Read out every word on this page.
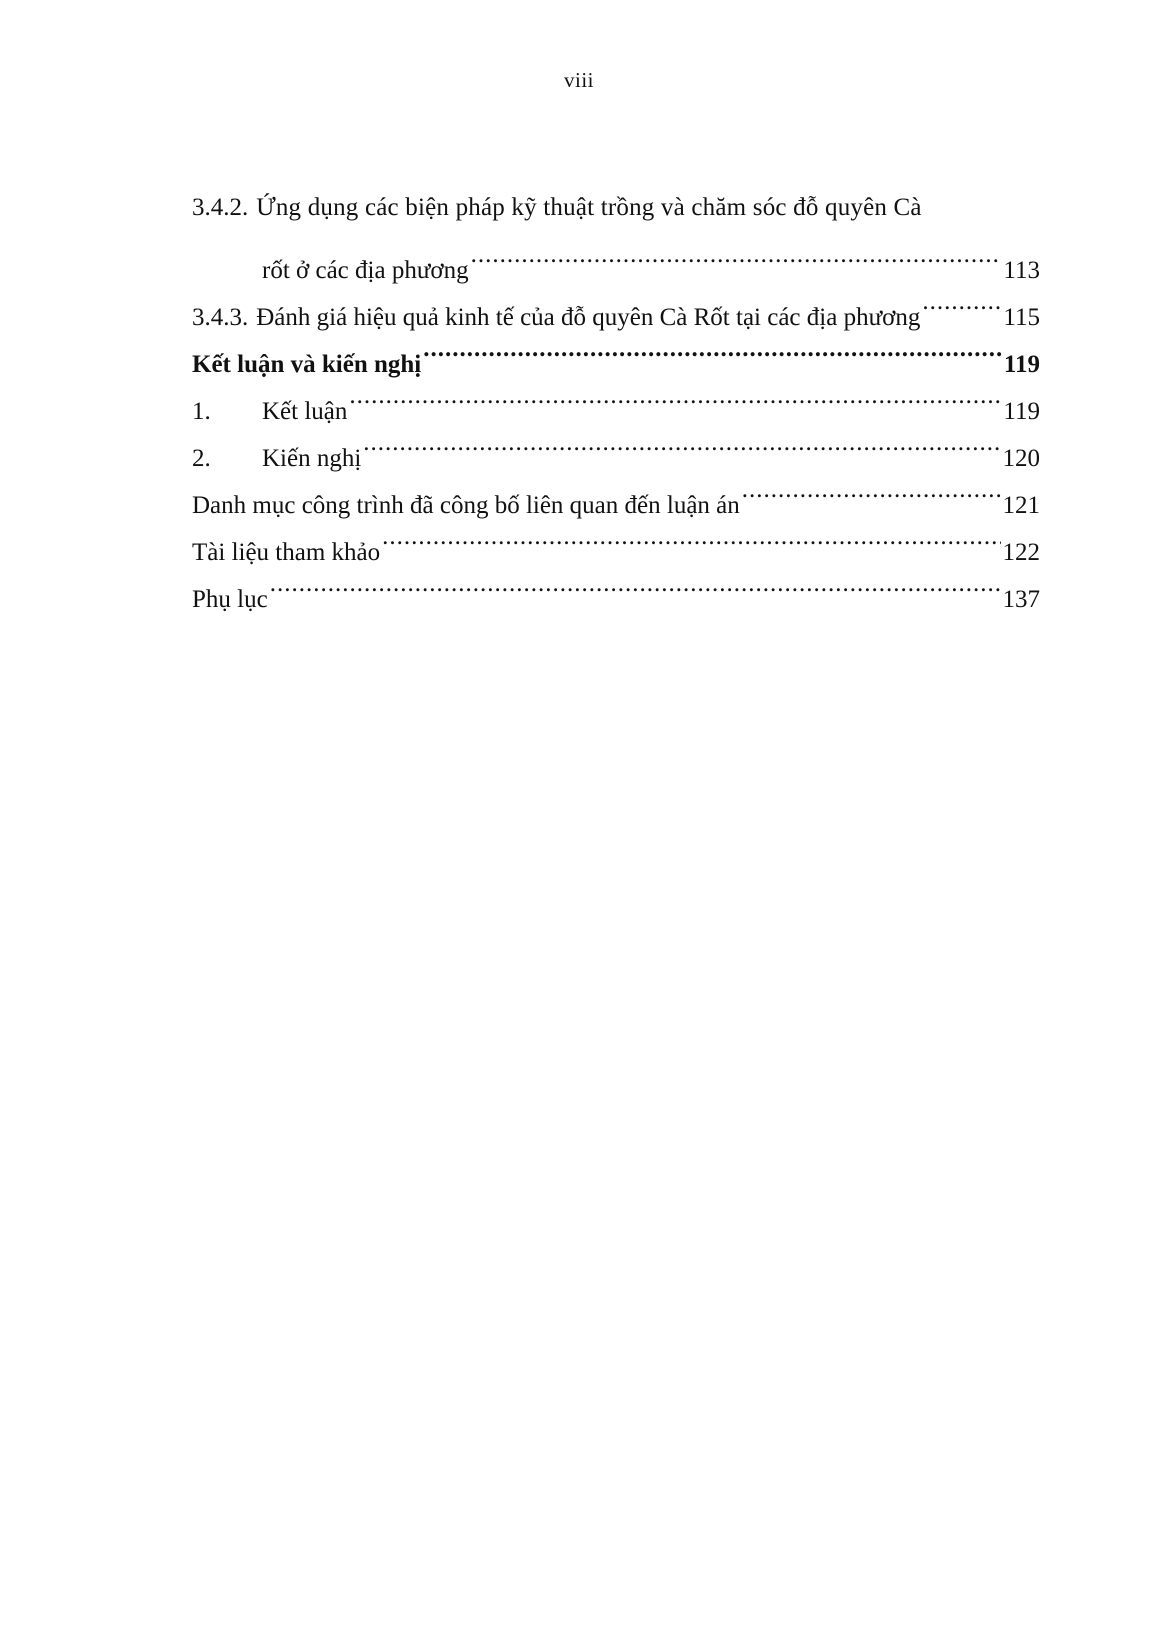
viii
3.4.2. Ứng dụng các biện pháp kỹ thuật trồng và chăm sóc đỗ quyên Cà
rốt ở các địa phương .....	113
3.4.3. Đánh giá hiệu quả kinh tế của đỗ quyên Cà Rốt tại các địa phương .....	115
Kết luận và kiến nghị .....	119
1.	Kết luận .....	119
2.	Kiến nghị .....	120
Danh mục công trình đã công bố liên quan đến luận án .....	121
Tài liệu tham khảo .....	122
Phụ lục .....	137
